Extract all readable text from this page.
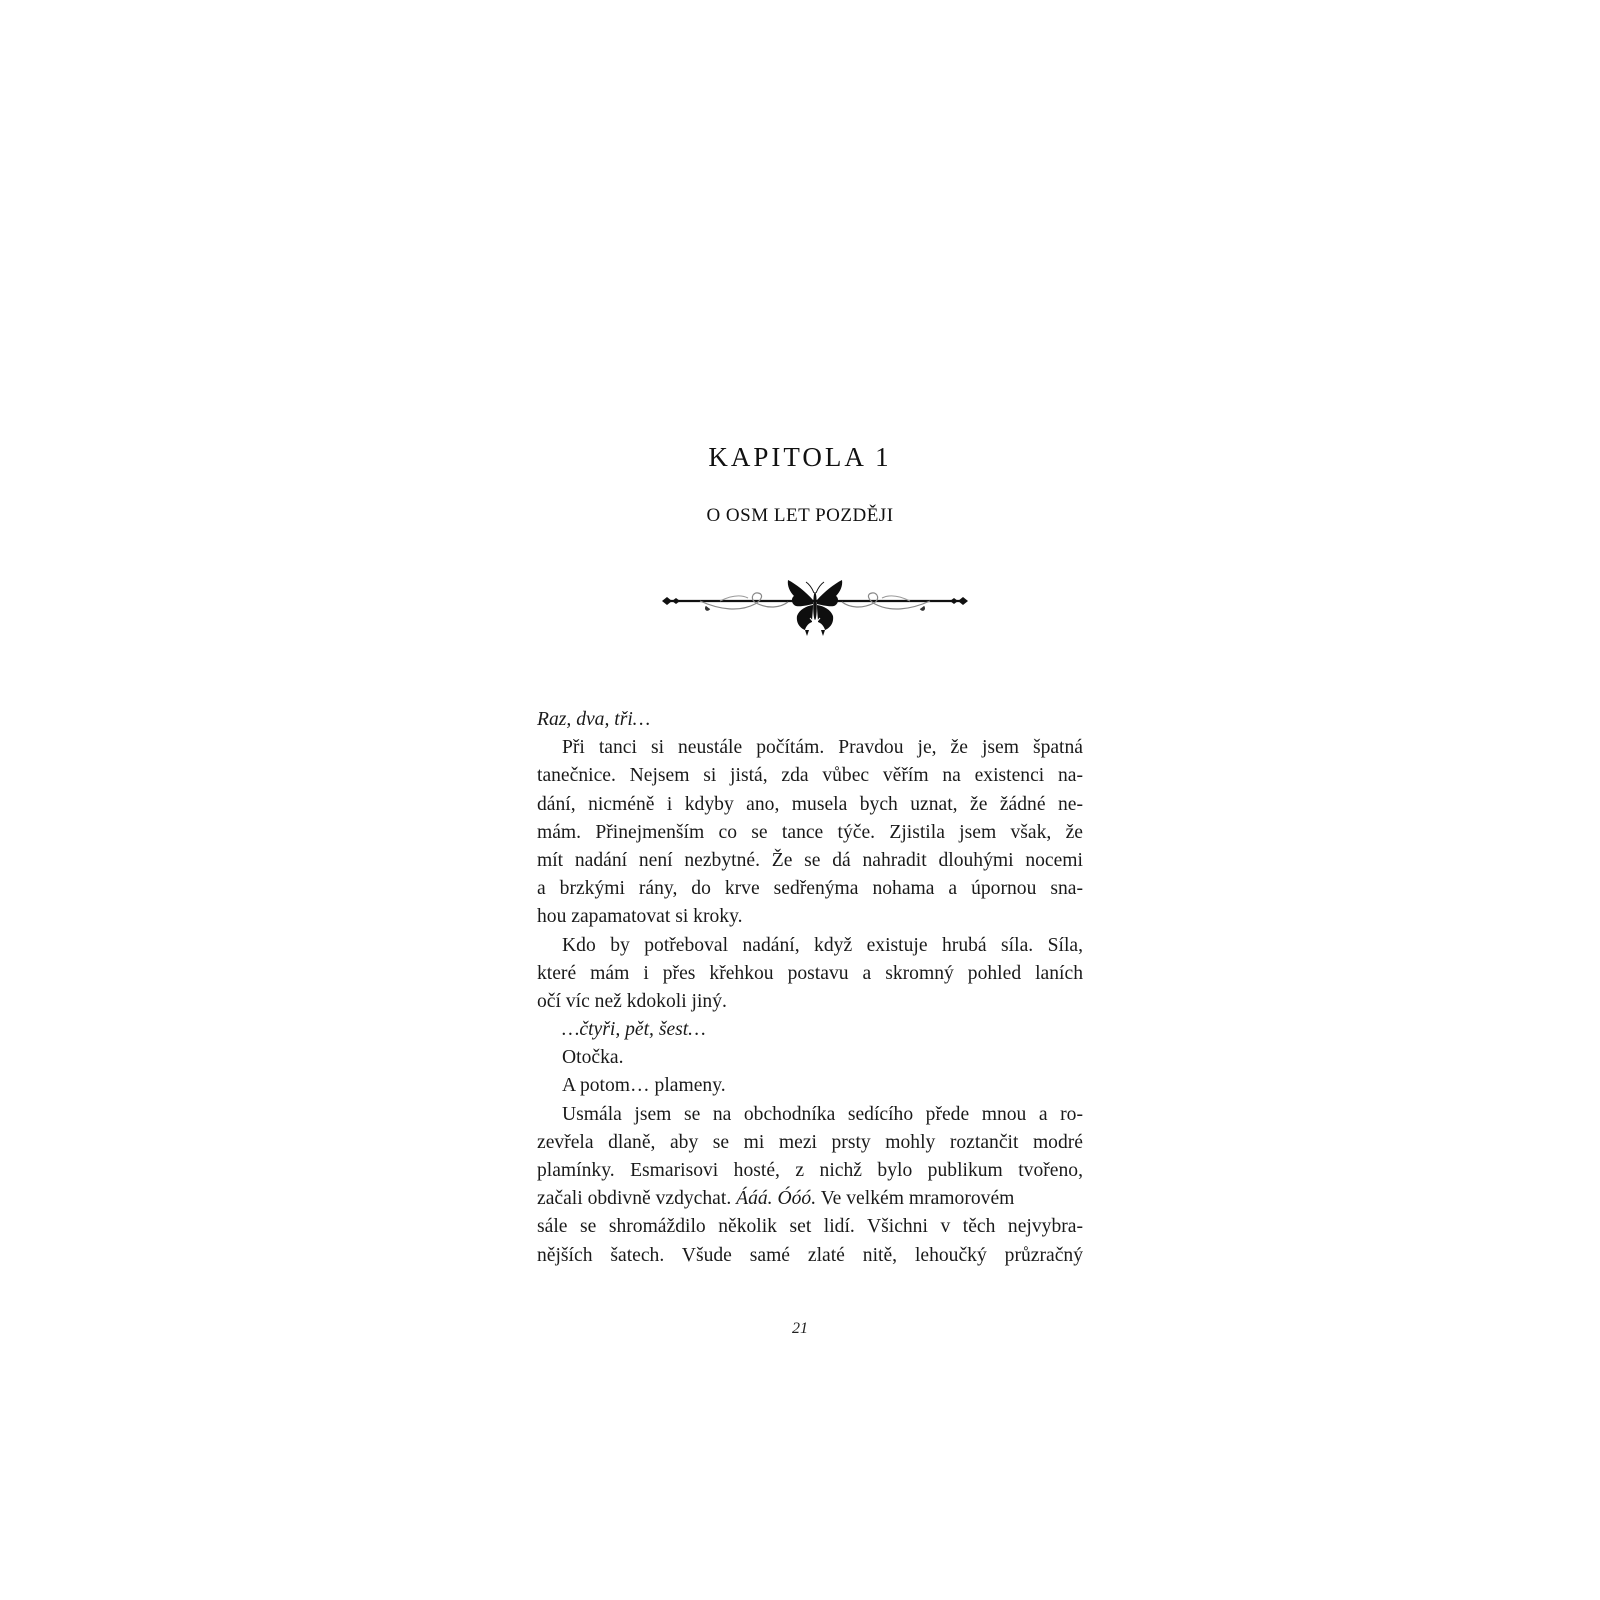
KAPITOLA 1
O OSM LET POZDĚJI
Raz, dva, tři…
Při tanci si neustále počítám. Pravdou je, že jsem špatná
tanečnice. Nejsem si jistá, zda vůbec věřím na existenci na-
dání, nicméně i kdyby ano, musela bych uznat, že žádné ne-
mám. Přinejmenším co se tance týče. Zjistila jsem však, že
mít nadání není nezbytné. Že se dá nahradit dlouhými nocemi
a brzkými rány, do krve sedřenýma nohama a úpornou sna-
hou zapamatovat si kroky.
Kdo by potřeboval nadání, když existuje hrubá síla. Síla,
které mám i přes křehkou postavu a skromný pohled laních
očí víc než kdokoli jiný.
…čtyři, pět, šest…
Otočka.
A potom… plameny.
Usmála jsem se na obchodníka sedícího přede mnou a ro-
zevřela dlaně, aby se mi mezi prsty mohly roztančit modré
plamínky. Esmarisovi hosté, z nichž bylo publikum tvořeno,
začali obdivně vzdychat. Ááá. Óóó. Ve velkém mramorovém
sále se shromáždilo několik set lidí. Všichni v těch nejvybra-
nějších šatech. Všude samé zlaté nitě, lehoučký průzračný
21
